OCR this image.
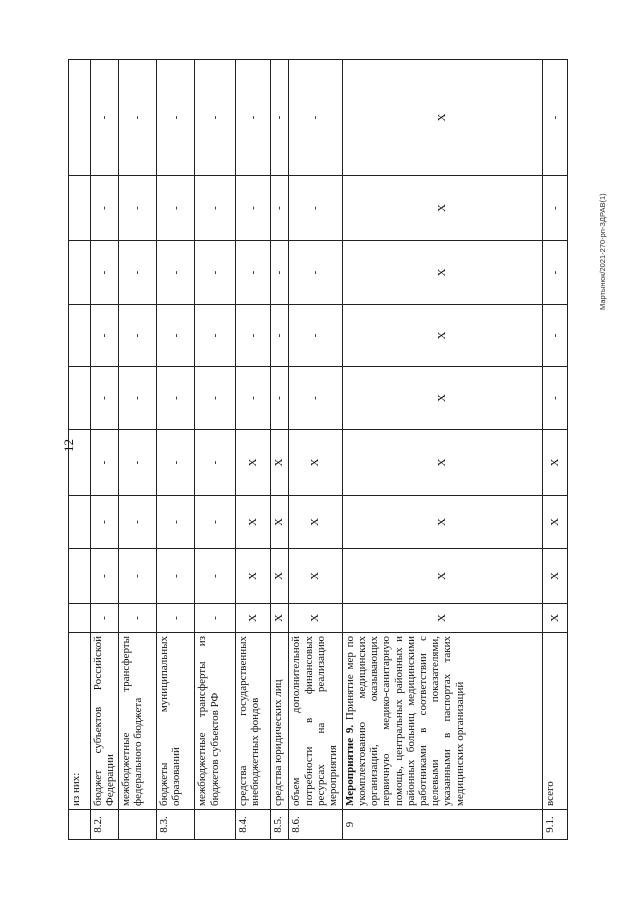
12
Мартынюк/2021-270-рп-ЗДРАВ(1)
	из них:									
8.2.	бюджет субъектов Российской Федерации	-	-	-	-	-	-	-	-	-
	межбюджетные трансферты федерального бюджета	-	-	-	-	-	-	-	-	-
8.3.	бюджеты муниципальных образований	-	-	-	-	-	-	-	-	-
	межбюджетные трансферты из бюджетов субъектов РФ	-	-	-	-	-	-	-	-	-
8.4.	средства государственных внебюджетных фондов	X	X	X	X	-	-	-	-	-
8.5.	средства юридических лиц	X	X	X	X	-	-	-	-	-
8.6.	объем дополнительной потребности в финансовых ресурсах на реализацию мероприятия	X	X	X	X	-	-	-	-	-
9	Мероприятие 9. Принятие мер по укомплектованию медицинских организаций, оказывающих первичную медико-санитарную помощь, центральных районных и районных больниц медицинскими работниками в соответствии с целевыми показателями, указанными в паспортах таких медицинских организаций	X	X	X	X	X	X	X	X	X
9.1.	всего	X	X	X	X	-	-	-	-	-
